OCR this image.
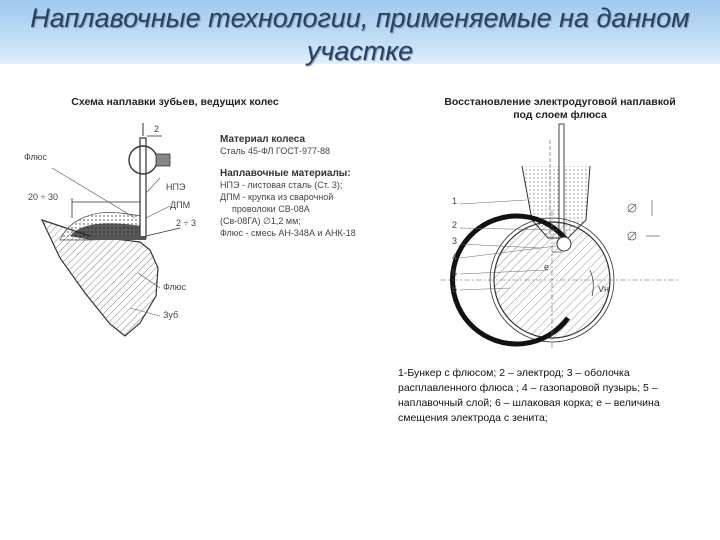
Наплавочные технологии, применяемые на данном участке
Схема наплавки зубьев, ведущих колес	Восстановление электродуговой наплавкой под слоем флюса
Флюс
НПЭ
ДПМ
20 ÷ 30
2
2 ÷ 3
Флюс
Зуб
Материал колеса
Сталь 45-ФЛ ГОСТ-977-88
Наплавочные материалы:
НПЭ - листовая сталь (Ст. 3);
ДПМ - крупка из сварочной
проволоки СВ-08А
(Св-08ГА) ∅1,2 мм;
Флюс - смесь АН-348А и АНК-18
1
2
3
4
5
6	Vн
е
1-Бункер с флюсом; 2 – электрод; 3 – оболочка расплавленного флюса ; 4 – газопаровой пузырь; 5 – наплавочный слой; 6 – шлаковая корка; е – величина смещения электрода с зенита;
